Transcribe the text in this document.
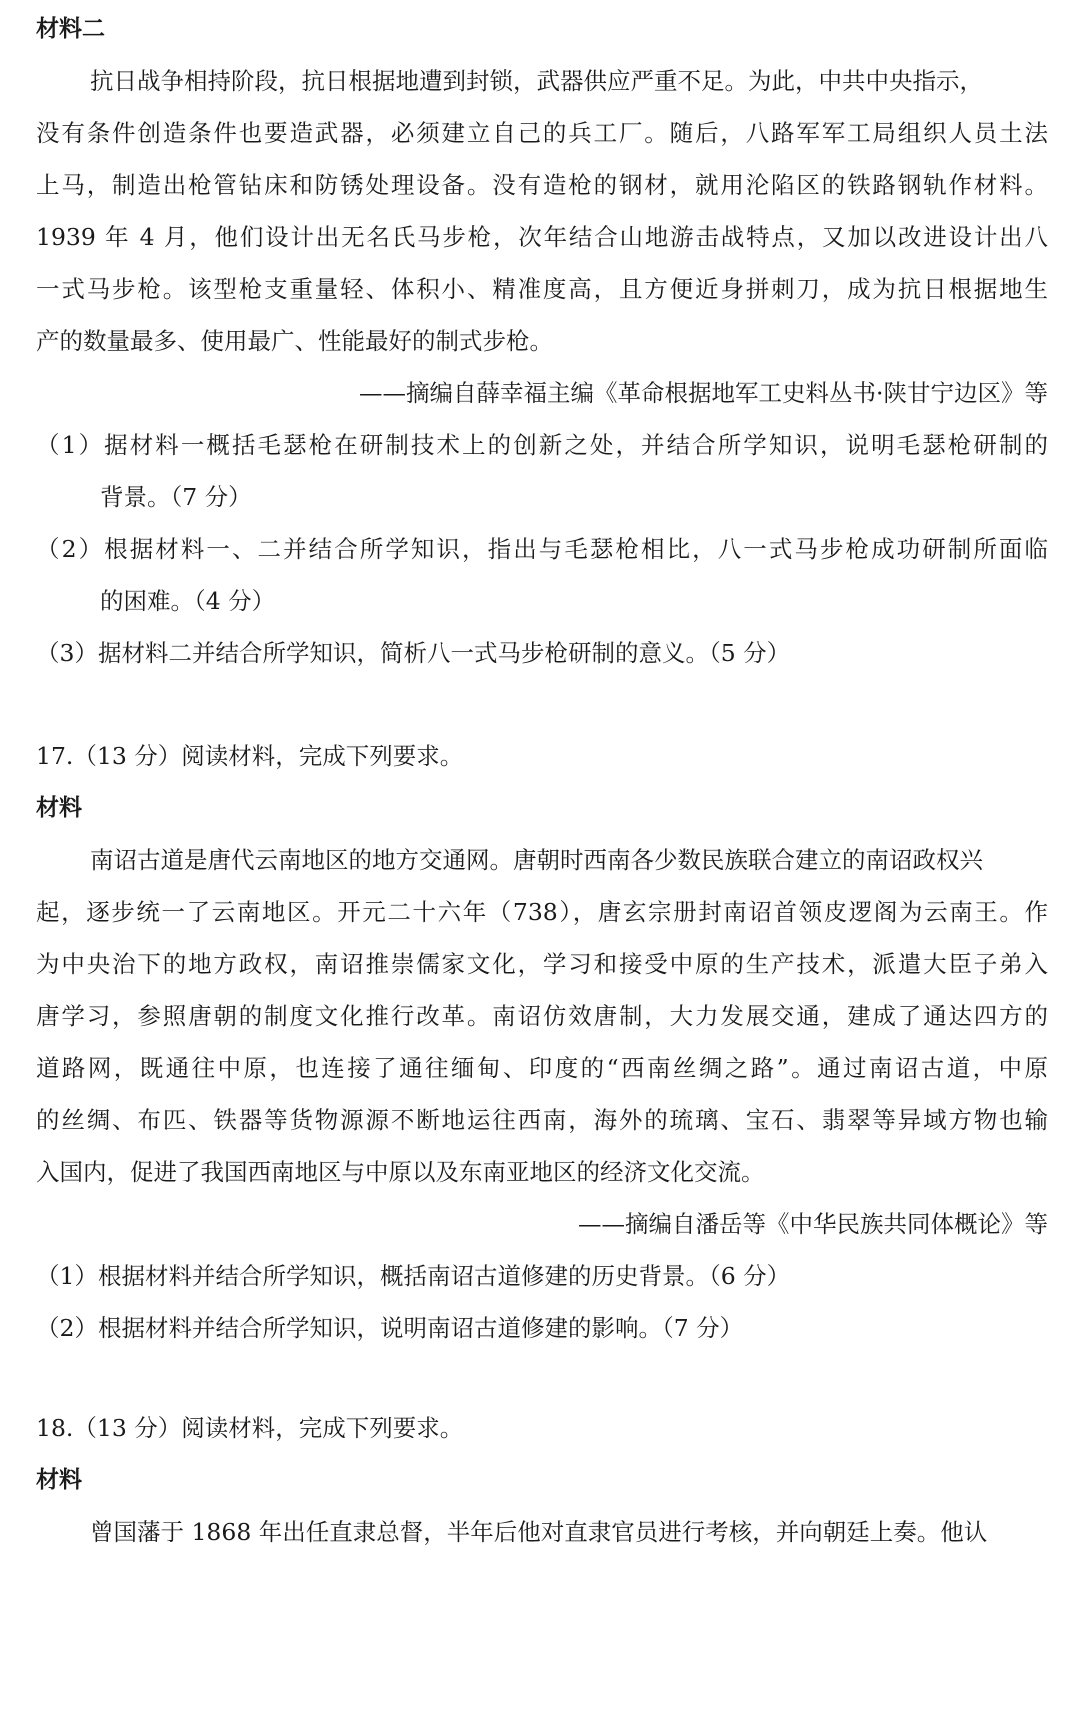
材料二
抗日战争相持阶段，抗日根据地遭到封锁，武器供应严重不足。为此，中共中央指示，
没有条件创造条件也要造武器，必须建立自己的兵工厂。随后，八路军军工局组织人员土法
上马，制造出枪管钻床和防锈处理设备。没有造枪的钢材，就用沦陷区的铁路钢轨作材料。
1939 年 4 月，他们设计出无名氏马步枪，次年结合山地游击战特点，又加以改进设计出八
一式马步枪。该型枪支重量轻、体积小、精准度高，且方便近身拼刺刀，成为抗日根据地生
产的数量最多、使用最广、性能最好的制式步枪。
——摘编自薛幸福主编《革命根据地军工史料丛书·陕甘宁边区》等
（1）据材料一概括毛瑟枪在研制技术上的创新之处，并结合所学知识，说明毛瑟枪研制的
背景。（7 分）
（2）根据材料一、二并结合所学知识，指出与毛瑟枪相比，八一式马步枪成功研制所面临
的困难。（4 分）
（3）据材料二并结合所学知识，简析八一式马步枪研制的意义。（5 分）
17.（13 分）阅读材料，完成下列要求。
材料
南诏古道是唐代云南地区的地方交通网。唐朝时西南各少数民族联合建立的南诏政权兴
起，逐步统一了云南地区。开元二十六年（738），唐玄宗册封南诏首领皮逻阁为云南王。作
为中央治下的地方政权，南诏推崇儒家文化，学习和接受中原的生产技术，派遣大臣子弟入
唐学习，参照唐朝的制度文化推行改革。南诏仿效唐制，大力发展交通，建成了通达四方的
道路网，既通往中原，也连接了通往缅甸、印度的“西南丝绸之路”。通过南诏古道，中原
的丝绸、布匹、铁器等货物源源不断地运往西南，海外的琉璃、宝石、翡翠等异域方物也输
入国内，促进了我国西南地区与中原以及东南亚地区的经济文化交流。
——摘编自潘岳等《中华民族共同体概论》等
（1）根据材料并结合所学知识，概括南诏古道修建的历史背景。（6 分）
（2）根据材料并结合所学知识，说明南诏古道修建的影响。（7 分）
18.（13 分）阅读材料，完成下列要求。
材料
曾国藩于 1868 年出任直隶总督，半年后他对直隶官员进行考核，并向朝廷上奏。他认
